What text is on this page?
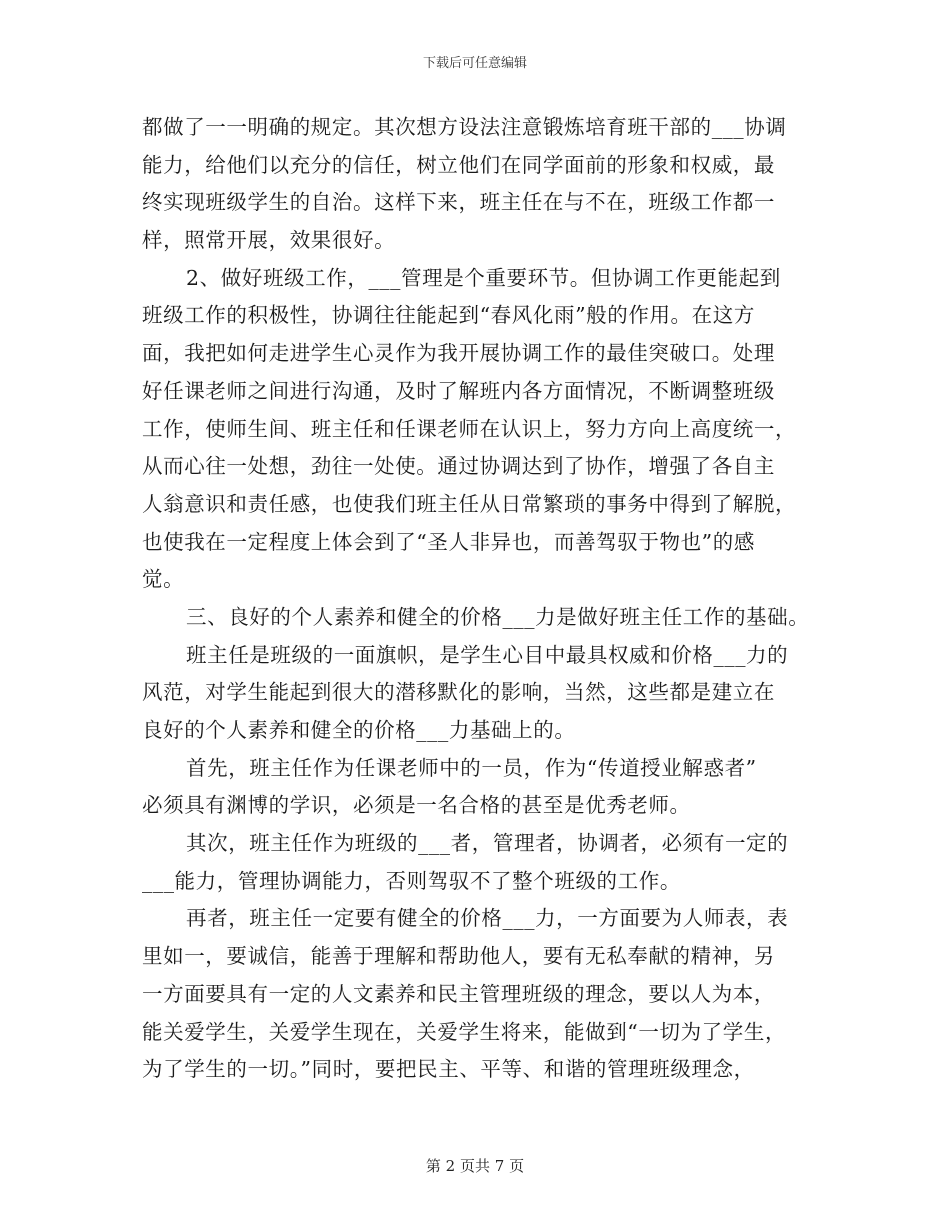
下载后可任意编辑
都做了一一明确的规定。其次想方设法注意锻炼培育班干部的___协调
能力，给他们以充分的信任，树立他们在同学面前的形象和权威，最
终实现班级学生的自治。这样下来，班主任在与不在，班级工作都一
样，照常开展，效果很好。
2、做好班级工作，___管理是个重要环节。但协调工作更能起到
班级工作的积极性，协调往往能起到“春风化雨”般的作用。在这方
面，我把如何走进学生心灵作为我开展协调工作的最佳突破口。处理
好任课老师之间进行沟通，及时了解班内各方面情况，不断调整班级
工作，使师生间、班主任和任课老师在认识上，努力方向上高度统一，
从而心往一处想，劲往一处使。通过协调达到了协作，增强了各自主
人翁意识和责任感，也使我们班主任从日常繁琐的事务中得到了解脱，
也使我在一定程度上体会到了“圣人非异也，而善驾驭于物也”的感
觉。
三、良好的个人素养和健全的价格___力是做好班主任工作的基础。
班主任是班级的一面旗帜，是学生心目中最具权威和价格___力的
风范，对学生能起到很大的潜移默化的影响，当然，这些都是建立在
良好的个人素养和健全的价格___力基础上的。
首先，班主任作为任课老师中的一员，作为“传道授业解惑者”
必须具有渊博的学识，必须是一名合格的甚至是优秀老师。
其次，班主任作为班级的___者，管理者，协调者，必须有一定的
___能力，管理协调能力，否则驾驭不了整个班级的工作。
再者，班主任一定要有健全的价格___力，一方面要为人师表，表
里如一，要诚信，能善于理解和帮助他人，要有无私奉献的精神，另
一方面要具有一定的人文素养和民主管理班级的理念，要以人为本，
能关爱学生，关爱学生现在，关爱学生将来，能做到“一切为了学生，
为了学生的一切。”同时，要把民主、平等、和谐的管理班级理念，
第 2 页共 7 页
